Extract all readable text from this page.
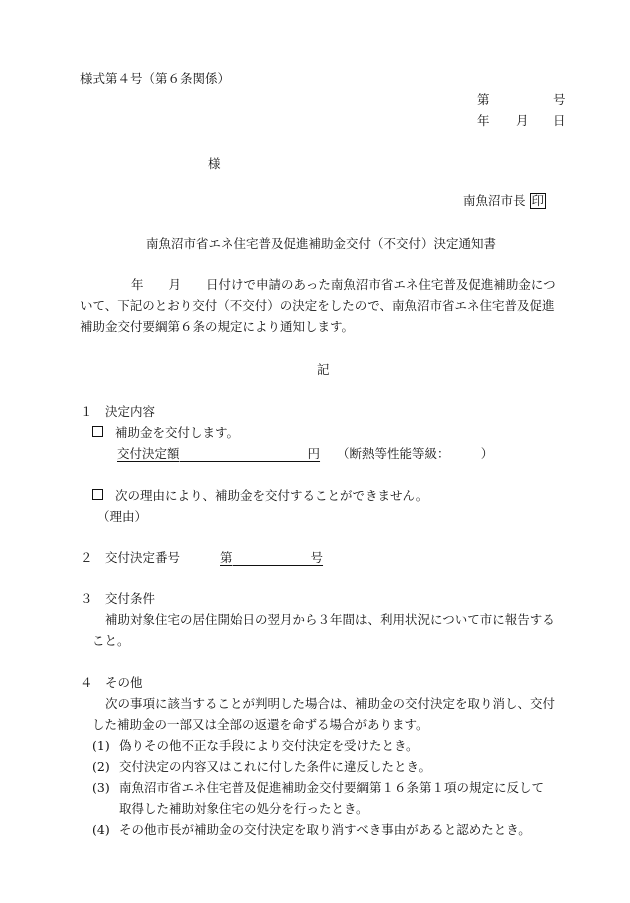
様式第４号（第６条関係）
第	号
年 月 日
様
南魚沼市長 印
南魚沼市省エネ住宅普及促進補助金交付（不交付）決定通知書
年　　月　　日付けで申請のあった南魚沼市省エネ住宅普及促進補助金につ
いて、下記のとおり交付（不交付）の決定をしたので、南魚沼市省エネ住宅普及促進
補助金交付要綱第６条の規定により通知します。
記
１　決定内容
補助金を交付します。
交付決定額	円 （断熱等性能等級：　　　）
次の理由により、補助金を交付することができません。
（理由）
２　交付決定番号	第	号
３　交付条件
補助対象住宅の居住開始日の翌月から３年間は、利用状況について市に報告する
こと。
４　その他
次の事項に該当することが判明した場合は、補助金の交付決定を取り消し、交付
した補助金の一部又は全部の返還を命ずる場合があります。
(1) 偽りその他不正な手段により交付決定を受けたとき。
(2) 交付決定の内容又はこれに付した条件に違反したとき。
(3) 南魚沼市省エネ住宅普及促進補助金交付要綱第１６条第１項の規定に反して
取得した補助対象住宅の処分を行ったとき。
(4) その他市長が補助金の交付決定を取り消すべき事由があると認めたとき。
